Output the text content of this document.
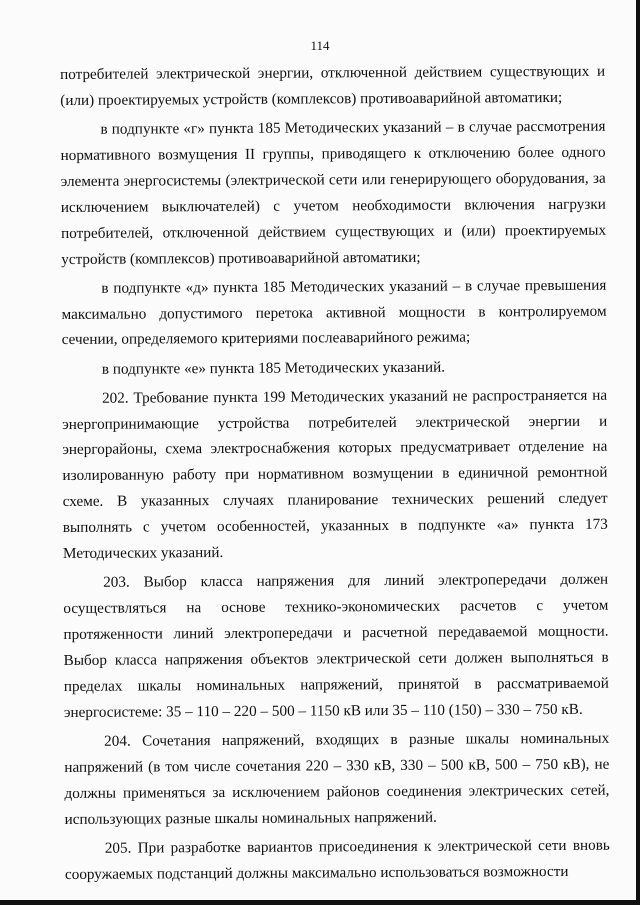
114

потребителей электрической энергии, отключенной действием существующих и (или) проектируемых устройств (комплексов) противоаварийной автоматики;

в подпункте «г» пункта 185 Методических указаний – в случае рассмотрения нормативного возмущения II группы, приводящего к отключению более одного элемента энергосистемы (электрической сети или генерирующего оборудования, за исключением выключателей) с учетом необходимости включения нагрузки потребителей, отключенной действием существующих и (или) проектируемых устройств (комплексов) противоаварийной автоматики;

в подпункте «д» пункта 185 Методических указаний – в случае превышения максимально допустимого перетока активной мощности в контролируемом сечении, определяемого критериями послеаварийного режима;

в подпункте «е» пункта 185 Методических указаний.

202. Требование пункта 199 Методических указаний не распространяется на энергопринимающие устройства потребителей электрической энергии и энергорайоны, схема электроснабжения которых предусматривает отделение на изолированную работу при нормативном возмущении в единичной ремонтной схеме. В указанных случаях планирование технических решений следует выполнять с учетом особенностей, указанных в подпункте «а» пункта 173 Методических указаний.

203. Выбор класса напряжения для линий электропередачи должен осуществляться на основе технико-экономических расчетов с учетом протяженности линий электропередачи и расчетной передаваемой мощности. Выбор класса напряжения объектов электрической сети должен выполняться в пределах шкалы номинальных напряжений, принятой в рассматриваемой энергосистеме: 35 – 110 – 220 – 500 – 1150 кВ или 35 – 110 (150) – 330 – 750 кВ.

204. Сочетания напряжений, входящих в разные шкалы номинальных напряжений (в том числе сочетания 220 – 330 кВ, 330 – 500 кВ, 500 – 750 кВ), не должны применяться за исключением районов соединения электрических сетей, использующих разные шкалы номинальных напряжений.

205. При разработке вариантов присоединения к электрической сети вновь сооружаемых подстанций должны максимально использоваться возможности
